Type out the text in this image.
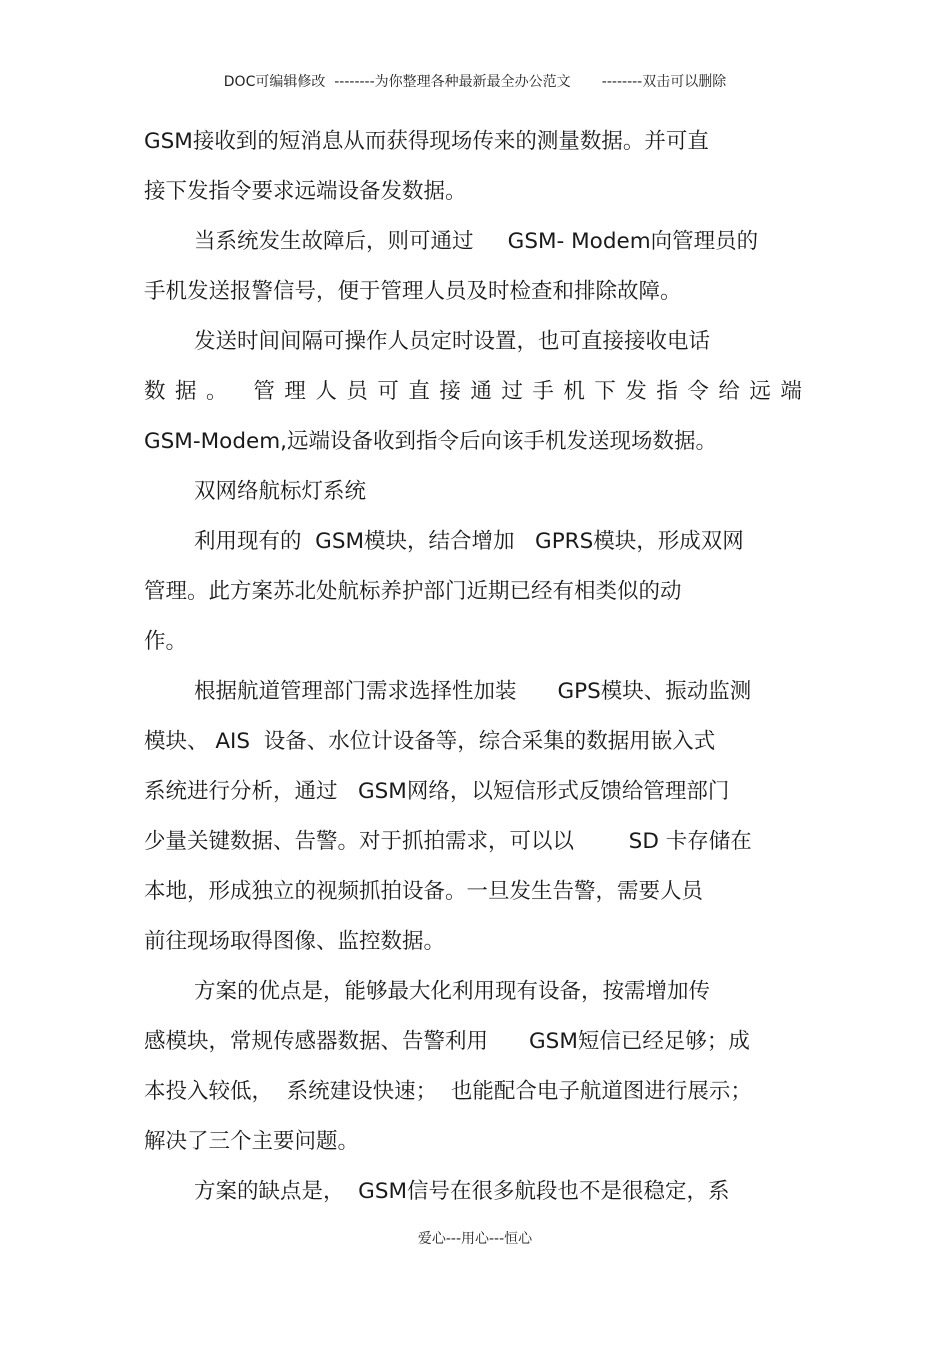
DOC可编辑修改  --------为你整理各种最新最全办公范文       --------双击可以删除
GSM接收到的短消息从而获得现场传来的测量数据。并可直
接下发指令要求远端设备发数据。
当系统发生故障后，则可通过     GSM- Modem向管理员的
手机发送报警信号，便于管理人员及时检查和排除故障。
发送时间间隔可操作人员定时设置，也可直接接收电话
数据。 管理人员可直接通过手机下发指令给远端
GSM-Modem,远端设备收到指令后向该手机发送现场数据。
双网络航标灯系统
利用现有的  GSM模块，结合增加   GPRS模块，形成双网
管理。此方案苏北处航标养护部门近期已经有相类似的动
作。
根据航道管理部门需求选择性加装      GPS模块、振动监测
模块、 AIS  设备、水位计设备等，综合采集的数据用嵌入式
系统进行分析，通过   GSM网络，以短信形式反馈给管理部门
少量关键数据、告警。对于抓拍需求，可以以        SD 卡存储在
本地，形成独立的视频抓拍设备。一旦发生告警，需要人员
前往现场取得图像、监控数据。
方案的优点是，能够最大化利用现有设备，按需增加传
感模块，常规传感器数据、告警利用      GSM短信已经足够；成
本投入较低，  系统建设快速；  也能配合电子航道图进行展示；
解决了三个主要问题。
方案的缺点是，  GSM信号在很多航段也不是很稳定，系
爱心---用心---恒心
